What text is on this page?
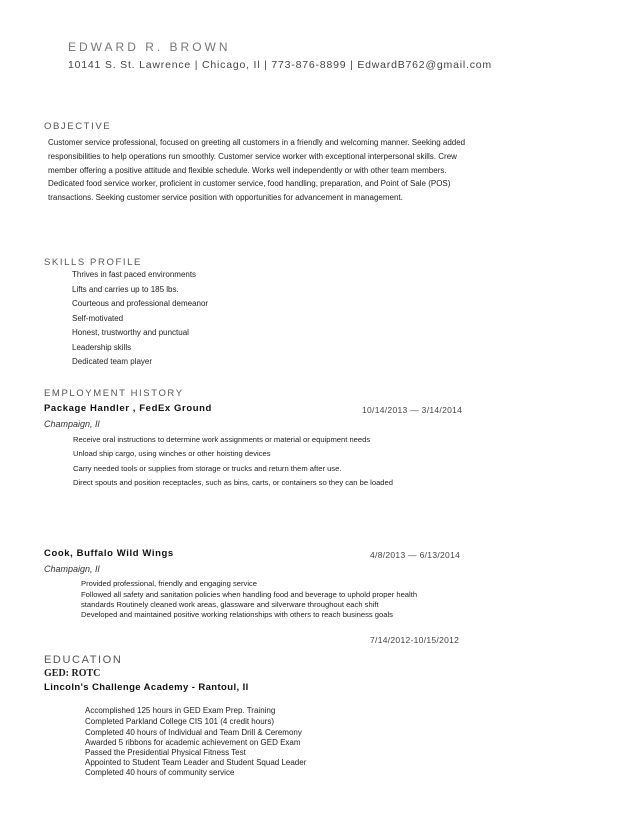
EDWARD R. BROWN
10141 S. St. Lawrence | Chicago, Il | 773-876-8899 | EdwardB762@gmail.com
OBJECTIVE
Customer service professional, focused on greeting all customers in a friendly and welcoming manner. Seeking added responsibilities to help operations run smoothly. Customer service worker with exceptional interpersonal skills. Crew member offering a positive attitude and flexible schedule. Works well independently or with other team members. Dedicated food service worker, proficient in customer service, food handling, preparation, and Point of Sale (POS) transactions. Seeking customer service position with opportunities for advancement in management.
SKILLS PROFILE
Thrives in fast paced environments
Lifts and carries up to 185 lbs.
Courteous and professional demeanor
Self-motivated
Honest, trustworthy and punctual
Leadership skills
Dedicated team player
EMPLOYMENT HISTORY
Package Handler , FedEx Ground	10/14/2013 — 3/14/2014
Champaign, Il
Receive oral instructions to determine work assignments or material or equipment needs
Unload ship cargo, using winches or other hoisting devices
Carry needed tools or supplies from storage or trucks and return them after use.
Direct spouts and position receptacles, such as bins, carts, or containers so they can be loaded
Cook, Buffalo Wild Wings	4/8/2013 — 6/13/2014
Champaign, Il
Provided professional, friendly and engaging service
Followed all safety and sanitation policies when handling food and beverage to uphold proper health
standards Routinely cleaned work areas, glassware and silverware throughout each shift
Developed and maintained positive working relationships with others to reach business goals
7/14/2012-10/15/2012
EDUCATION
GED: ROTC
Lincoln's Challenge Academy - Rantoul, Il
Accomplished 125 hours in GED Exam Prep. Training
Completed Parkland College CIS 101 (4 credit hours)
Completed 40 hours of Individual and Team Drill & Ceremony
Awarded 5 ribbons for academic achievement on GED Exam
Passed the Presidential Physical Fitness Test
Appointed to Student Team Leader and Student Squad Leader
Completed 40 hours of community service
